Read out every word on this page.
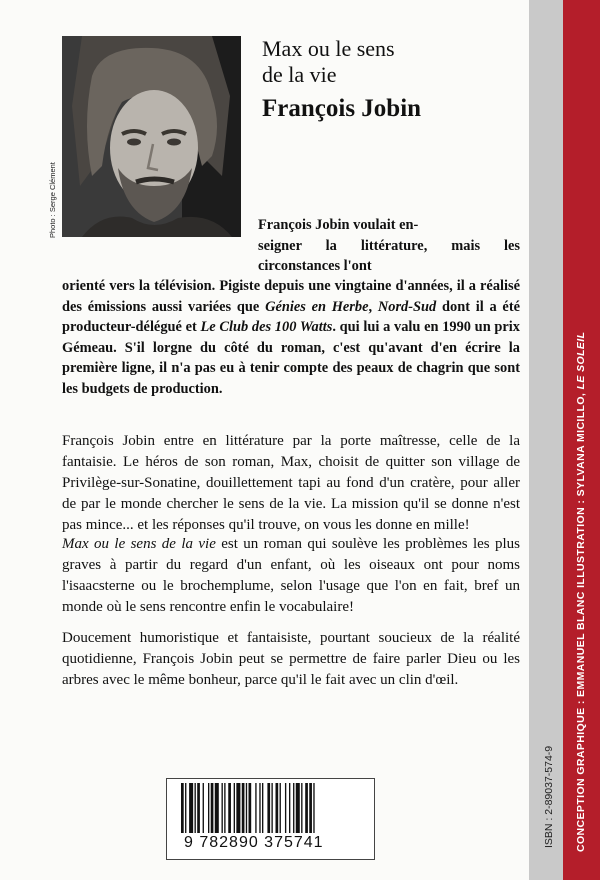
Photo : Serge Clément
Max ou le sens
de la vie
François Jobin
François Jobin voulait en-
seigner la littérature, mais les circonstances l'ont
orienté vers la télévision. Pigiste depuis une vingtaine d'années, il a réalisé des émissions aussi variées que Génies en Herbe, Nord-Sud dont il a été producteur-délégué et Le Club des 100 Watts. qui lui a valu en 1990 un prix Gémeau. S'il lorgne du côté du roman, c'est qu'avant d'en écrire la première ligne, il n'a pas eu à tenir compte des peaux de chagrin que sont les budgets de production.
François Jobin entre en littérature par la porte maîtresse, celle de la fantaisie. Le héros de son roman, Max, choisit de quitter son village de Privilège-sur-Sonatine, douillettement tapi au fond d'un cratère, pour aller de par le monde chercher le sens de la vie. La mission qu'il se donne n'est pas mince... et les réponses qu'il trouve, on vous les donne en mille!
Max ou le sens de la vie est un roman qui soulève les problèmes les plus graves à partir du regard d'un enfant, où les oiseaux ont pour noms l'isaacsterne ou le brochemplume, selon l'usage que l'on en fait, bref un monde où le sens rencontre enfin le vocabulaire!
Doucement humoristique et fantaisiste, pourtant soucieux de la réalité quotidienne, François Jobin peut se permettre de faire parler Dieu ou les arbres avec le même bonheur, parce qu'il le fait avec un clin d'œil.
9 782890 375741	ISBN : 2-89037-574-9 CONCEPTION GRAPHIQUE : EMMANUEL BLANC ILLUSTRATION : SYLVANA MICILLO, LE SOLEIL
